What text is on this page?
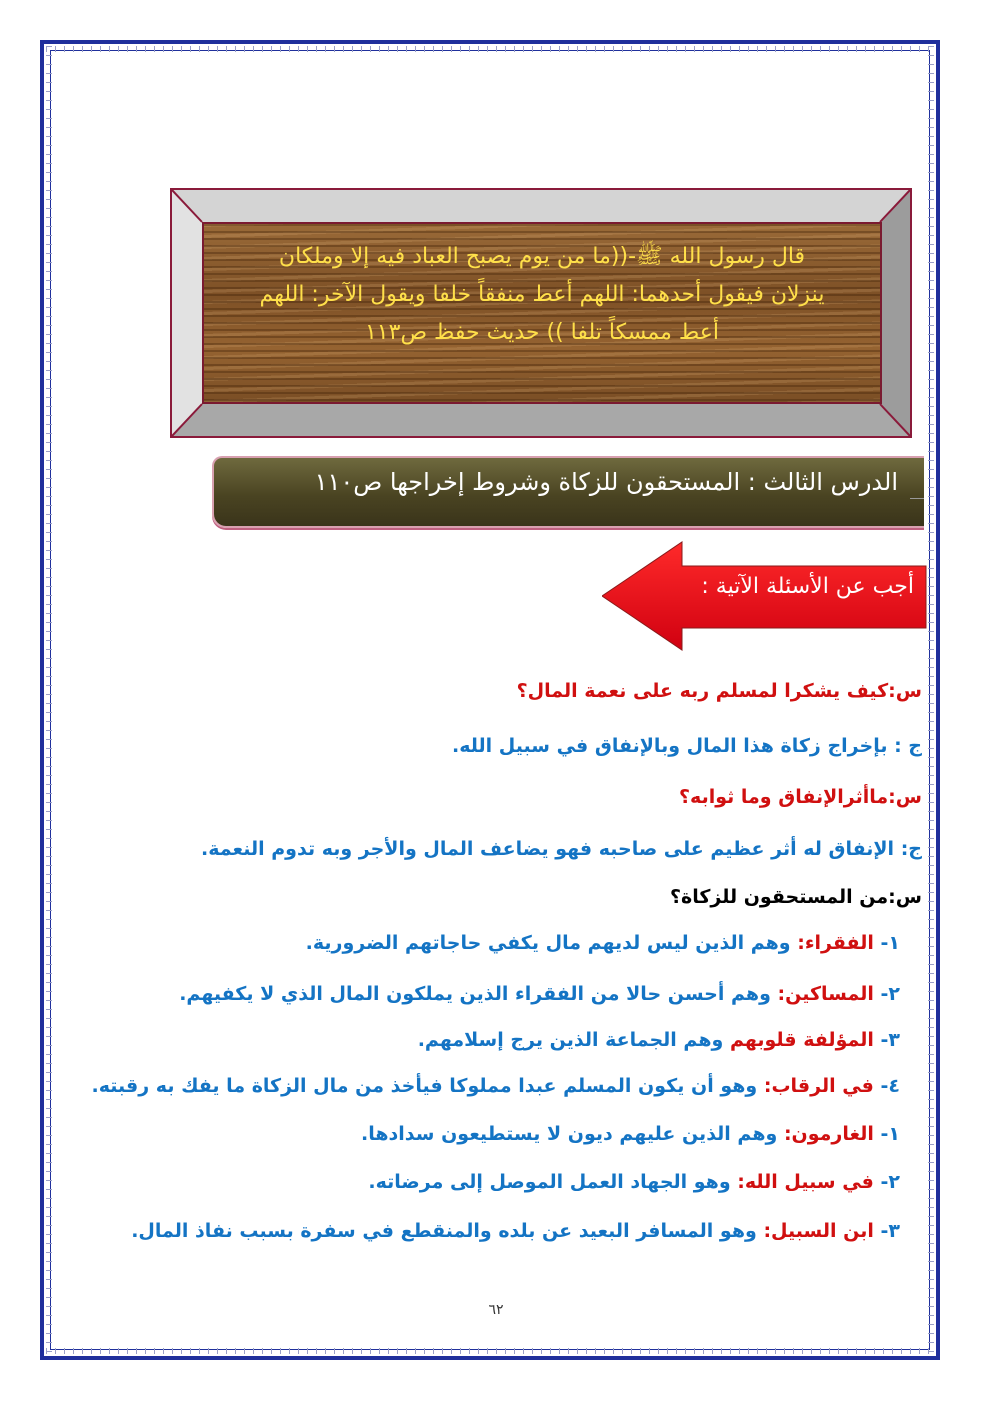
قال رسول الله ﷺ-((ما من يوم يصبح العباد فيه إلا وملكان
ينزلان فيقول أحدهما: اللهم أعط منفقاً خلفا ويقول الآخر: اللهم
أعط ممسكاً تلفا )) حديث حفظ ص١١٣
الدرس الثالث : المستحقون للزكاة وشروط إخراجها ص١١٠
أجب عن الأسئلة الآتية :
س:كيف يشكرا لمسلم ربه على نعمة المال؟
ج : بإخراج زكاة هذا المال وبالإنفاق في سبيل الله.
س:ماأثرالإنفاق وما ثوابه؟
ج: الإنفاق له أثر عظيم على صاحبه فهو يضاعف المال والأجر وبه تدوم النعمة.
س:من المستحقون للزكاة؟
١- الفقراء: وهم الذين ليس لديهم مال يكفي حاجاتهم الضرورية.
٢- المساكين: وهم أحسن حالا من الفقراء الذين يملكون المال الذي لا يكفيهم.
٣- المؤلفة قلوبهم وهم الجماعة الذين يرج إسلامهم.
٤- في الرقاب: وهو أن يكون المسلم عبدا مملوكا فيأخذ من مال الزكاة ما يفك به رقبته.
١- الغارمون: وهم الذين عليهم ديون لا يستطيعون سدادها.
٢- في سبيل الله: وهو الجهاد العمل الموصل إلى مرضاته.
٣- ابن السبيل: وهو المسافر البعيد عن بلده والمنقطع في سفرة بسبب نفاذ المال.
٦٢
